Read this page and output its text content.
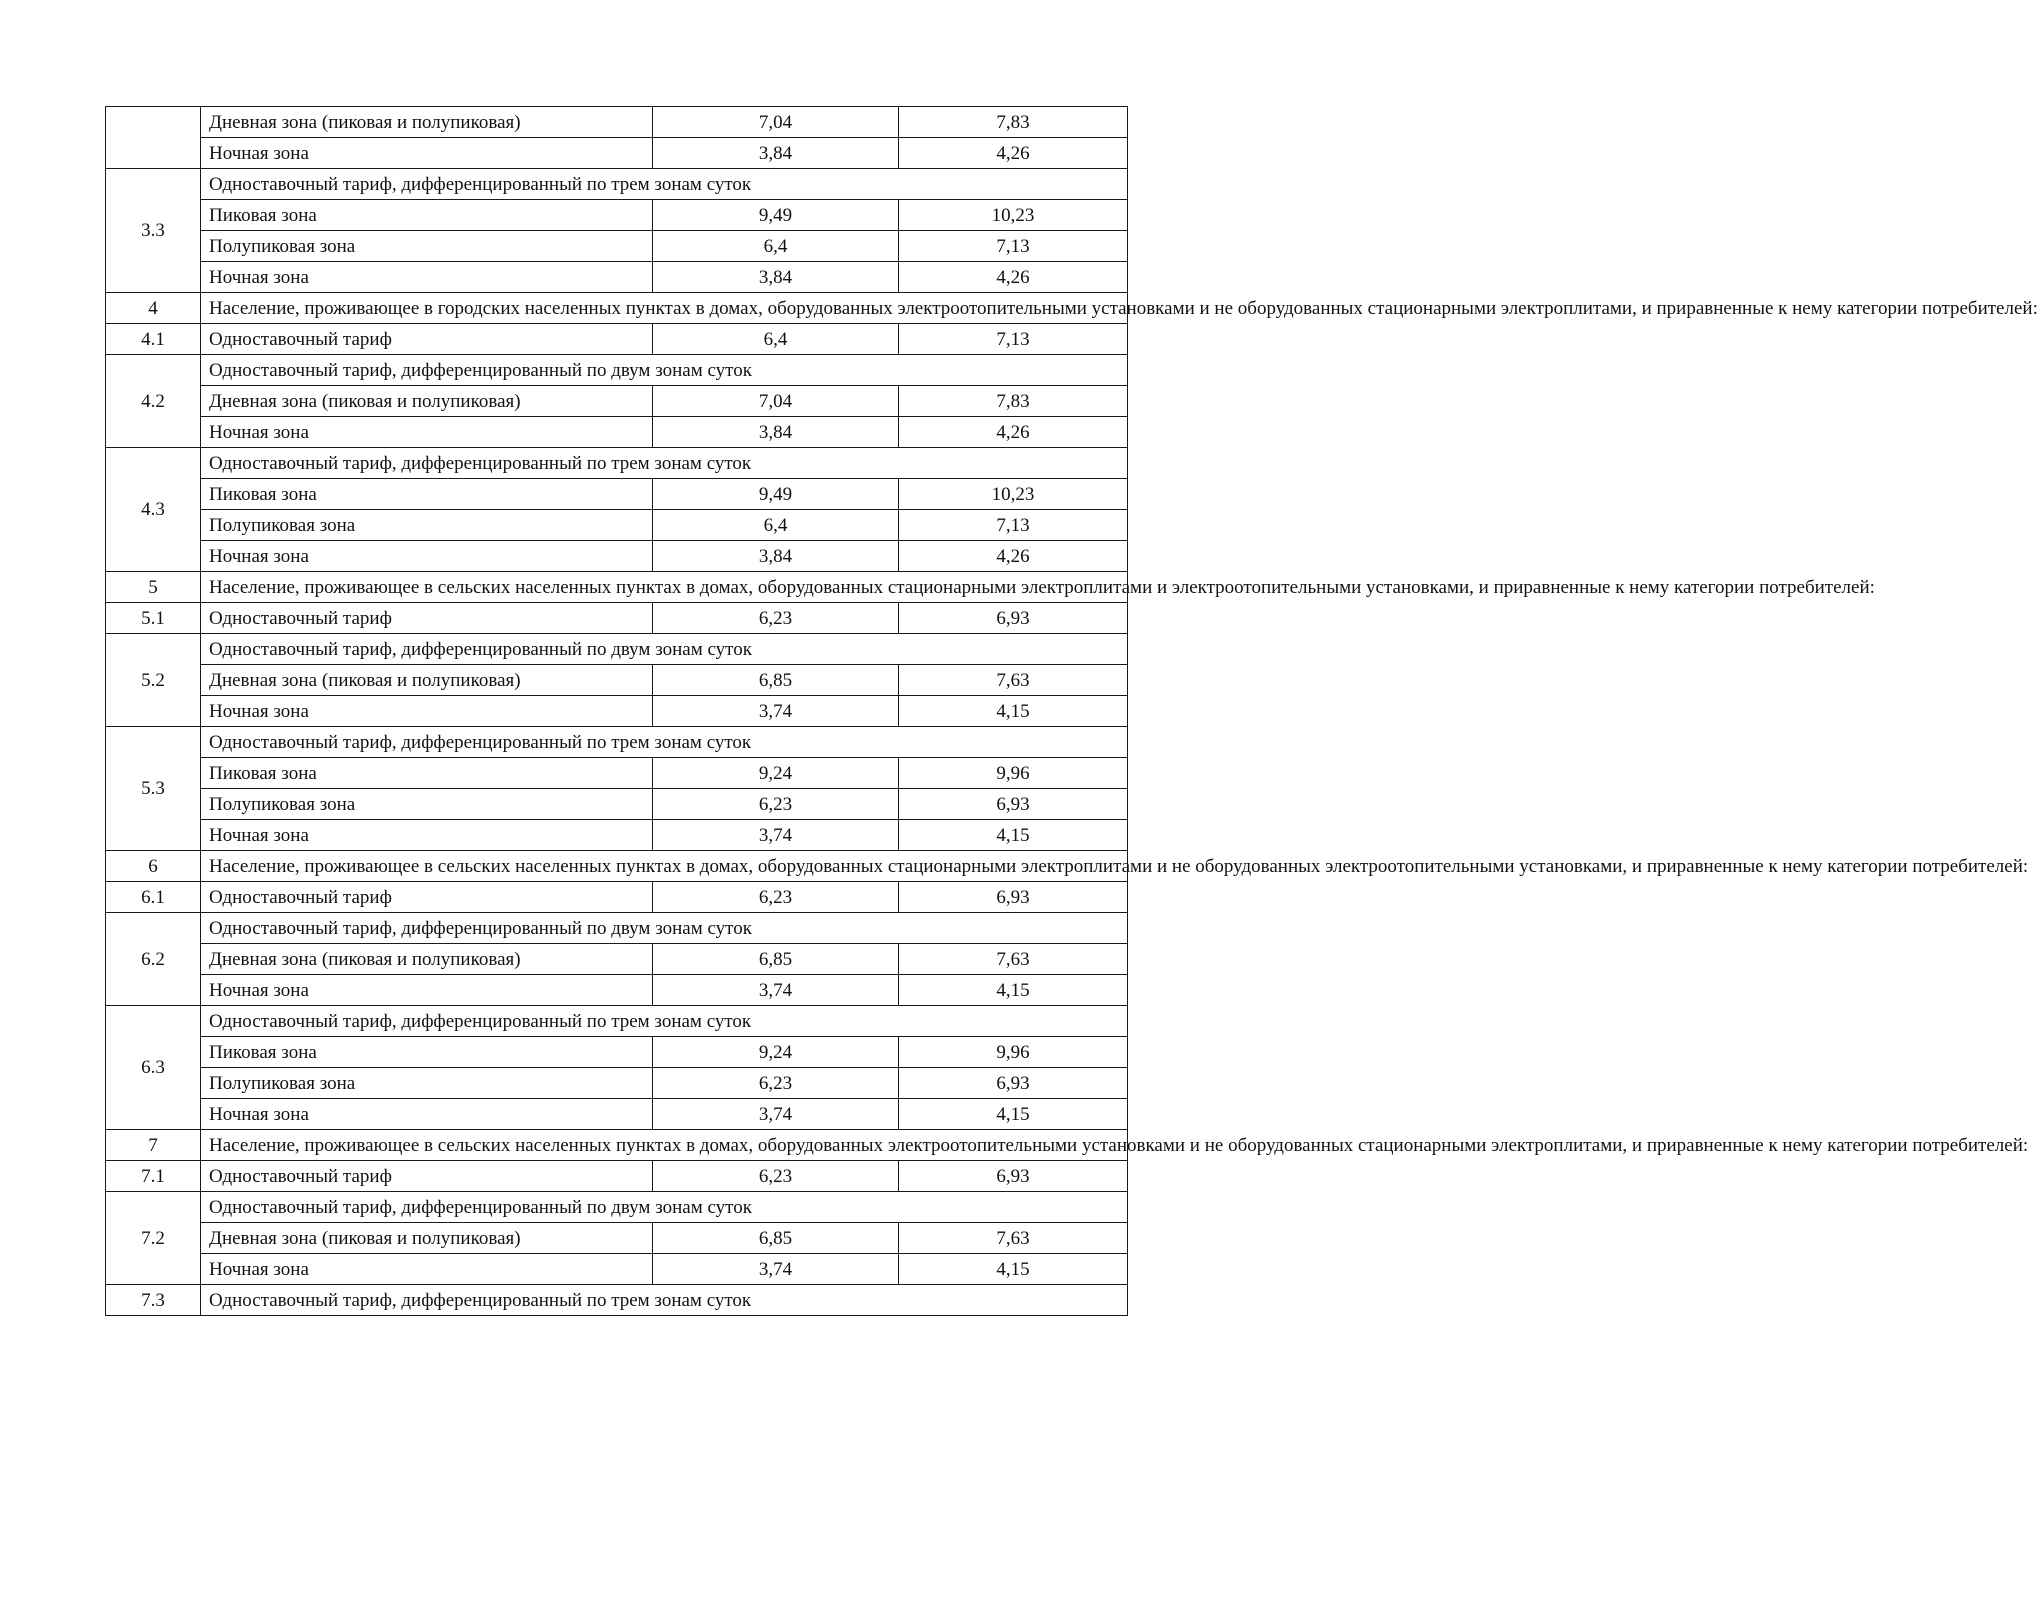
	Дневная зона (пиковая и полупиковая)	7,04	7,83
	Ночная зона	3,84	4,26
3.3	Одноставочный тариф, дифференцированный по трем зонам суток		
	Пиковая зона	9,49	10,23
	Полупиковая зона	6,4	7,13
	Ночная зона	3,84	4,26
4	Население, проживающее в городских населенных пунктах в домах, оборудованных электроотопительными установками и не оборудованных стационарными электроплитами, и приравненные к нему категории потребителей:		
4.1	Одноставочный тариф	6,4	7,13
4.2	Одноставочный тариф, дифференцированный по двум зонам суток		
	Дневная зона (пиковая и полупиковая)	7,04	7,83
	Ночная зона	3,84	4,26
4.3	Одноставочный тариф, дифференцированный по трем зонам суток		
	Пиковая зона	9,49	10,23
	Полупиковая зона	6,4	7,13
	Ночная зона	3,84	4,26
5	Население, проживающее в сельских населенных пунктах в домах, оборудованных стационарными электроплитами и электроотопительными установками, и приравненные к нему категории потребителей:		
5.1	Одноставочный тариф	6,23	6,93
5.2	Одноставочный тариф, дифференцированный по двум зонам суток		
	Дневная зона (пиковая и полупиковая)	6,85	7,63
	Ночная зона	3,74	4,15
5.3	Одноставочный тариф, дифференцированный по трем зонам суток		
	Пиковая зона	9,24	9,96
	Полупиковая зона	6,23	6,93
	Ночная зона	3,74	4,15
6	Население, проживающее в сельских населенных пунктах в домах, оборудованных стационарными электроплитами и не оборудованных электроотопительными установками, и приравненные к нему категории потребителей:		
6.1	Одноставочный тариф	6,23	6,93
6.2	Одноставочный тариф, дифференцированный по двум зонам суток		
	Дневная зона (пиковая и полупиковая)	6,85	7,63
	Ночная зона	3,74	4,15
6.3	Одноставочный тариф, дифференцированный по трем зонам суток		
	Пиковая зона	9,24	9,96
	Полупиковая зона	6,23	6,93
	Ночная зона	3,74	4,15
7	Население, проживающее в сельских населенных пунктах в домах, оборудованных электроотопительными установками и не оборудованных стационарными электроплитами, и приравненные к нему категории потребителей:		
7.1	Одноставочный тариф	6,23	6,93
7.2	Одноставочный тариф, дифференцированный по двум зонам суток		
	Дневная зона (пиковая и полупиковая)	6,85	7,63
	Ночная зона	3,74	4,15
7.3	Одноставочный тариф, дифференцированный по трем зонам суток		
